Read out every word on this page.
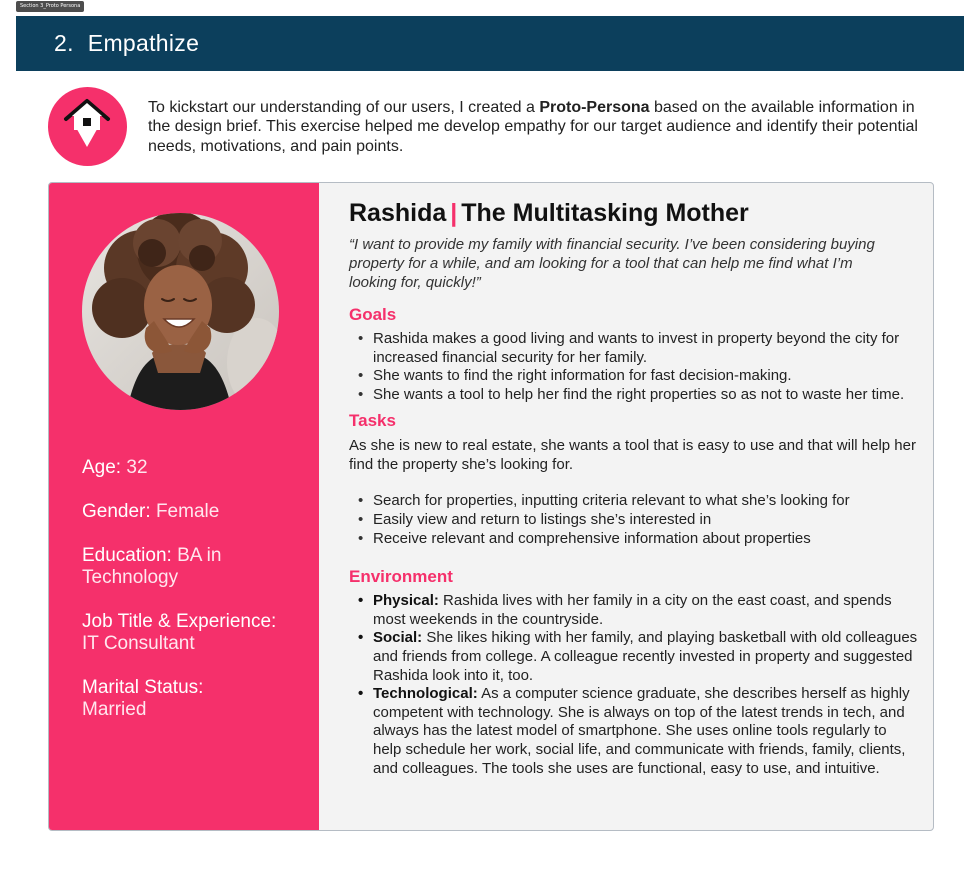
Section 3_Proto Persona
2. Empathize

To kickstart our understanding of our users, I created a Proto-Persona based on the available information in the design brief. This exercise helped me develop empathy for our target audience and identify their potential needs, motivations, and pain points.

Age: 32
Gender: Female
Education: BA in Technology
Job Title & Experience:
IT Consultant
Marital Status:
Married
Rashida | The Multitasking Mother

“I want to provide my family with financial security. I’ve been considering buying property for a while, and am looking for a tool that can help me find what I’m looking for, quickly!”

Goals
• Rashida makes a good living and wants to invest in property beyond the city for increased financial security for her family.
• She wants to find the right information for fast decision-making.
• She wants a tool to help her find the right properties so as not to waste her time.
Tasks

As she is new to real estate, she wants a tool that is easy to use and that will help her find the property she’s looking for.

• Search for properties, inputting criteria relevant to what she’s looking for
• Easily view and return to listings she’s interested in
• Receive relevant and comprehensive information about properties
Environment
• Physical: Rashida lives with her family in a city on the east coast, and spends most weekends in the countryside.
• Social: She likes hiking with her family, and playing basketball with old colleagues and friends from college. A colleague recently invested in property and suggested Rashida look into it, too.
• Technological: As a computer science graduate, she describes herself as highly competent with technology. She is always on top of the latest trends in tech, and always has the latest model of smartphone. She uses online tools regularly to help schedule her work, social life, and communicate with friends, family, clients, and colleagues. The tools she uses are functional, easy to use, and intuitive.
